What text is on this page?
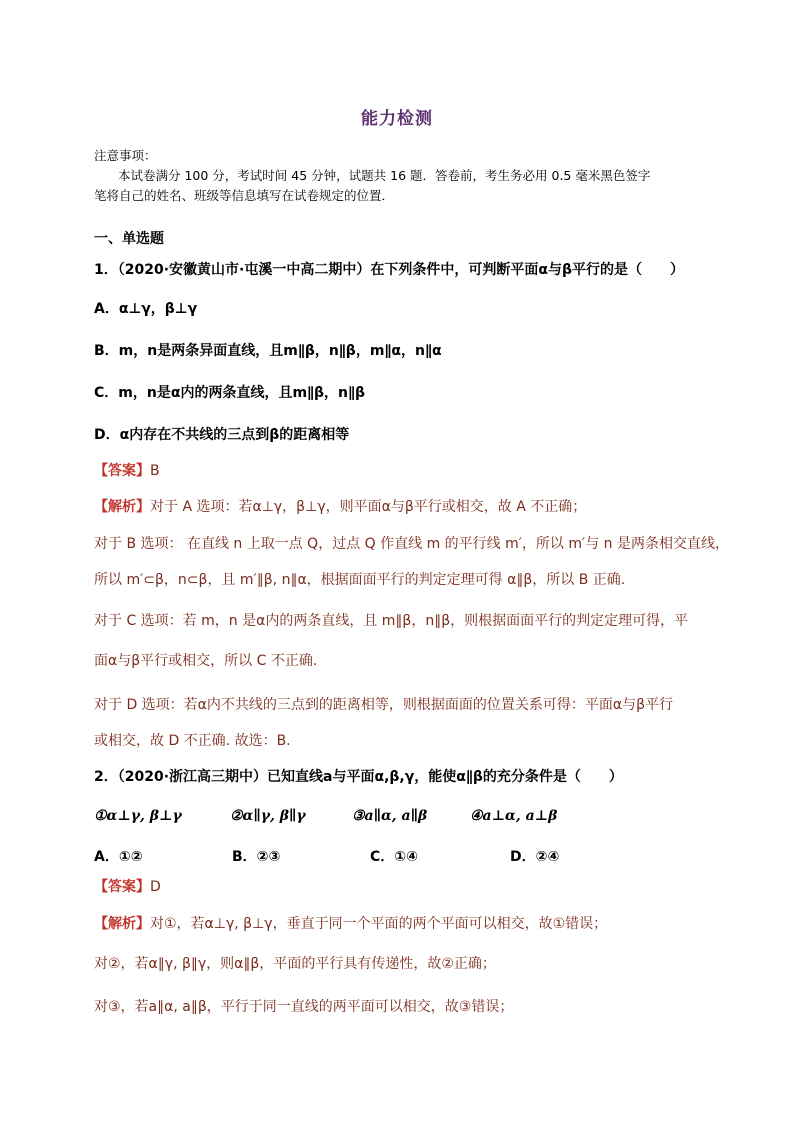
能力检测
注意事项：
本试卷满分 100 分，考试时间 45 分钟，试题共 16 题．答卷前，考生务必用 0.5 毫米黑色签字
笔将自己的姓名、班级等信息填写在试卷规定的位置．
一、单选题
1．（2020·安徽黄山市·屯溪一中高二期中）在下列条件中，可判断平面α与β平行的是（　　）
A．α⊥γ，β⊥γ
B．m，n是两条异面直线，且m∥β，n∥β，m∥α，n∥α
C．m，n是α内的两条直线，且m∥β，n∥β
D．α内存在不共线的三点到β的距离相等
【答案】B
【解析】对于 A 选项：若α⊥γ，β⊥γ，则平面α与β平行或相交，故 A 不正确；
对于 B 选项： 在直线 n 上取一点 Q，过点 Q 作直线 m 的平行线 m′，所以 m′与 n 是两条相交直线，
所以 m′⊂β，n⊂β，且 m′∥β, n∥α，根据面面平行的判定定理可得 α∥β，所以 B 正确.
对于 C 选项：若 m，n 是α内的两条直线，且 m∥β，n∥β，则根据面面平行的判定定理可得，平
面α与β平行或相交，所以 C 不正确.
对于 D 选项：若α内不共线的三点到的距离相等，则根据面面的位置关系可得：平面α与β平行
或相交，故 D 不正确. 故选：B.
2．（2020·浙江高三期中）已知直线a与平面α,β,γ，能使α∥β的充分条件是（　　）
①α⊥γ, β⊥γ	②α∥γ, β∥γ	③a∥α, a∥β	④a⊥α, a⊥β
A．①②	B．②③	C．①④	D．②④
【答案】D
【解析】对①，若α⊥γ, β⊥γ，垂直于同一个平面的两个平面可以相交，故①错误；
对②，若α∥γ, β∥γ，则α∥β，平面的平行具有传递性，故②正确；
对③，若a∥α, a∥β，平行于同一直线的两平面可以相交，故③错误；
